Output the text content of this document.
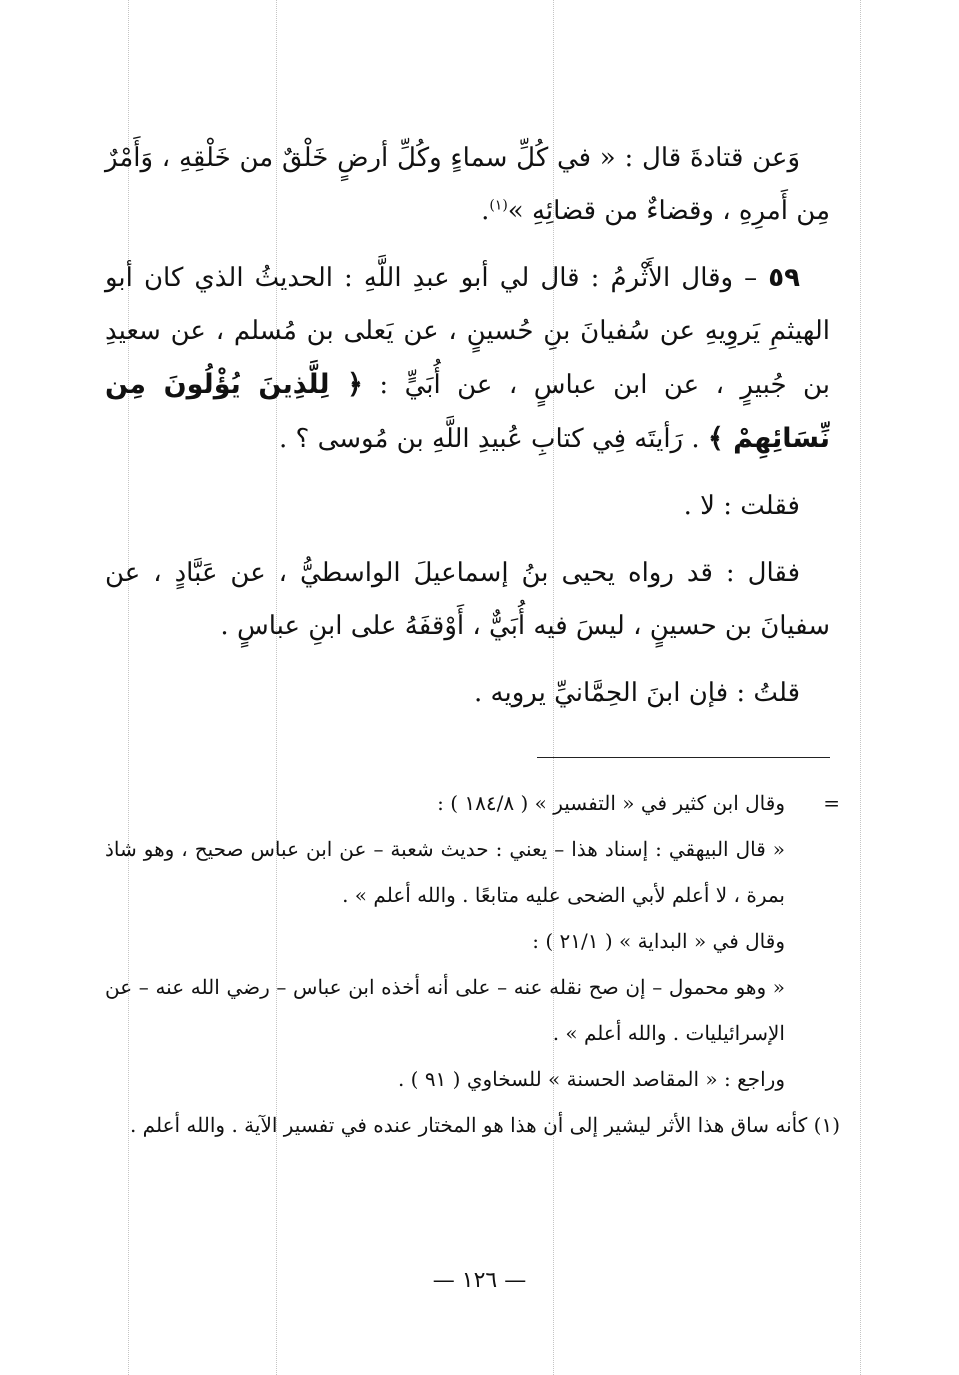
وَعن قتادةَ قال : « في كُلِّ سماءٍ وكُلِّ أرضٍ خَلْقٌ من خَلْقِهِ ، وَأَمْرٌ مِن أَمرِهِ ، وقضاءٌ من قضائِهِ »$^{(١)}$.

٥٩ – وقال الأَثْرمُ : قال لي أبو عبدِ اللَّهِ : الحديثُ الذي كان أبو الهيثمِ يَروِيهِ عن سُفيانَ بنِ حُسينٍ ، عن يَعلى بن مُسلم ، عن سعيدِ بن جُبيرٍ ، عن ابن عباسٍ ، عن أُبَيٍّ : ﴿ لِلَّذِينَ يُؤْلُونَ مِن نِّسَائِهِمْ ﴾ . رَأيتَه فِي كتابِ عُبيدِ اللَّهِ بن مُوسى ؟ .

فقلت : لا .

فقال : قد رواه يحيى بنُ إسماعيلَ الواسطيُّ ، عن عَبَّادٍ ، عن سفيانَ بن حسينٍ ، ليسَ فيه أُبَيٌّ ، أَوْقفَهُ على ابنِ عباسٍ .

قلتُ : فإن ابنَ الحِمَّانيِّ يرويه .

=

وقال ابن كثير في « التفسير » ( ١٨٤/٨ ) :

« قال البيهقي : إسناد هذا – يعني : حديث شعبة – عن ابن عباس صحيح ، وهو شاذ بمرة ، لا أعلم لأبي الضحى عليه متابعًا . والله أعلم » .

وقال في « البداية » ( ٢١/١ ) :

« وهو محمول – إن صح نقله عنه – على أنه أخذه ابن عباس – رضي الله عنه – عن الإسرائيليات . والله أعلم » .

وراجع : « المقاصد الحسنة » للسخاوي ( ٩١ ) .

(١) كأنه ساق هذا الأثر ليشير إلى أن هذا هو المختار عنده في تفسير الآية . والله أعلم .

— ١٢٦ —
